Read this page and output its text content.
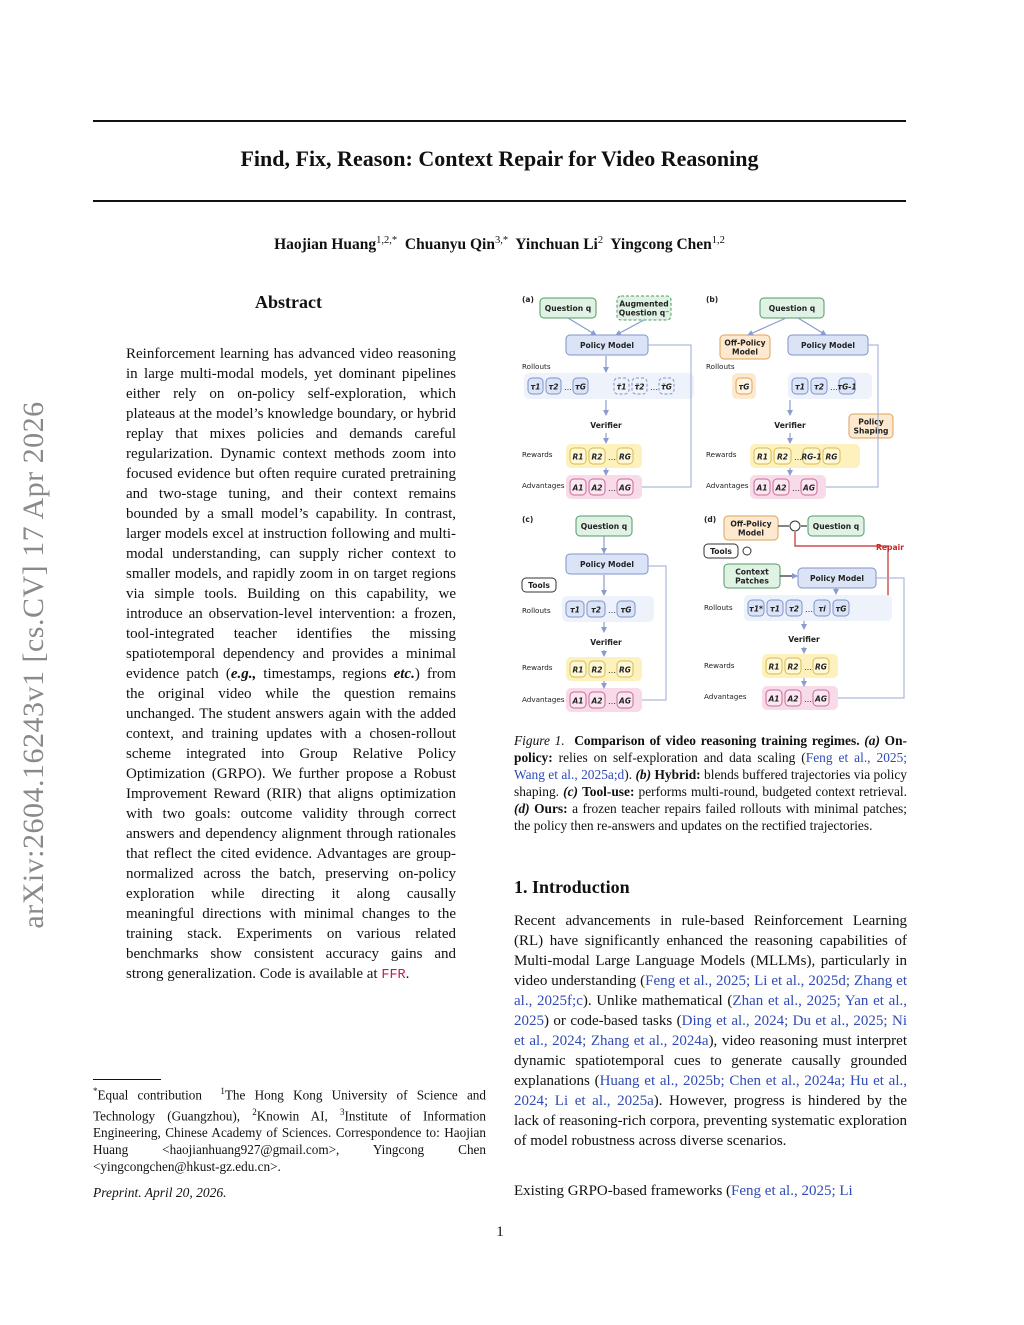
Find, Fix, Reason: Context Repair for Video Reasoning
Haojian Huang$^{1,2,*}$ Chuanyu Qin$^{3,*}$ Yinchuan Li$^2$ Yingcong Chen$^{1,2}$
arXiv:2604.16243v1 [cs.CV] 17 Apr 2026
Abstract
Reinforcement learning has advanced video reasoning in large multi-modal models, yet dominant pipelines either rely on on-policy self-exploration, which plateaus at the model’s knowledge boundary, or hybrid replay that mixes policies and demands careful regularization. Dynamic context methods zoom into focused evidence but often require curated pretraining and two-stage tuning, and their context remains bounded by a small model’s capability. In contrast, larger models excel at instruction following and multi-modal understanding, can supply richer context to smaller models, and rapidly zoom in on target regions via simple tools. Building on this capability, we introduce an observation-level intervention: a frozen, tool-integrated teacher identifies the missing spatiotemporal dependency and provides a minimal evidence patch (e.g., timestamps, regions etc.) from the original video while the question remains unchanged. The student answers again with the added context, and training updates with a chosen-rollout scheme integrated into Group Relative Policy Optimization (GRPO). We further propose a Robust Improvement Reward (RIR) that aligns optimization with two goals: outcome validity through correct answers and dependency alignment through rationales that reflect the cited evidence. Advantages are group-normalized across the batch, preserving on-policy exploration while directing it along causally meaningful directions with minimal changes to the training stack. Experiments on various related benchmarks show consistent accuracy gains and strong generalization. Code is available at FFR.
*Equal contribution  $^1$The Hong Kong University of Science and Technology (Guangzhou), $^2$Knowin AI, $^3$Institute of Information Engineering, Chinese Academy of Sciences. Correspondence to: Haojian Huang <haojianhuang927@gmail.com>, Yingcong Chen <yingcongchen@hkust-gz.edu.cn>.
Preprint. April 20, 2026.
1
(a)
Question q	Augmented
Question q⁻
Policy Model
Rollouts
τ1 τ2 … τG	τ̃1 τ̃2 … τ̃G
Verifier
Rewards	R1 R2 … RG
Advantages A1 A2 … AG
(b)
Question q
Off-Policy
Model
Policy Model
Rollouts
τG	τ1 τ2 … τG-1
Policy
Shaping
Verifier
Rewards	R1 R2 … RG-1 RG
Advantages A1 A2 … AG
(c)
Question q
Policy Model
Tools
Rollouts	τ1 τ2 … τG
Verifier
Rewards	R1 R2 … RG
Advantages A1 A2 … AG
(d) Off-Policy
Model
Question q
Tools	Repair
Context
Patches	Policy Model
Rollouts τ1* τ1 τ2 … τi τG
Verifier
Rewards	R1 R2 … RG
Advantages	A1 A2 … AG
Figure 1. Comparison of video reasoning training regimes. (a) On-policy: relies on self-exploration and data scaling (Feng et al., 2025; Wang et al., 2025a;d). (b) Hybrid: blends buffered trajectories via policy shaping. (c) Tool-use: performs multi-round, budgeted context retrieval. (d) Ours: a frozen teacher repairs failed rollouts with minimal patches; the policy then re-answers and updates on the rectified trajectories.
1. Introduction
Recent advancements in rule-based Reinforcement Learning (RL) have significantly enhanced the reasoning capabilities of Multi-modal Large Language Models (MLLMs), particularly in video understanding (Feng et al., 2025; Li et al., 2025d; Zhang et al., 2025f;c). Unlike mathematical (Zhan et al., 2025; Yan et al., 2025) or code-based tasks (Ding et al., 2024; Du et al., 2025; Ni et al., 2024; Zhang et al., 2024a), video reasoning must interpret dynamic spatiotemporal cues to generate causally grounded explanations (Huang et al., 2025b; Chen et al., 2024a; Hu et al., 2024; Li et al., 2025a). However, progress is hindered by the lack of reasoning-rich corpora, preventing systematic exploration of model robustness across diverse scenarios.
Existing GRPO-based frameworks (Feng et al., 2025; Li
